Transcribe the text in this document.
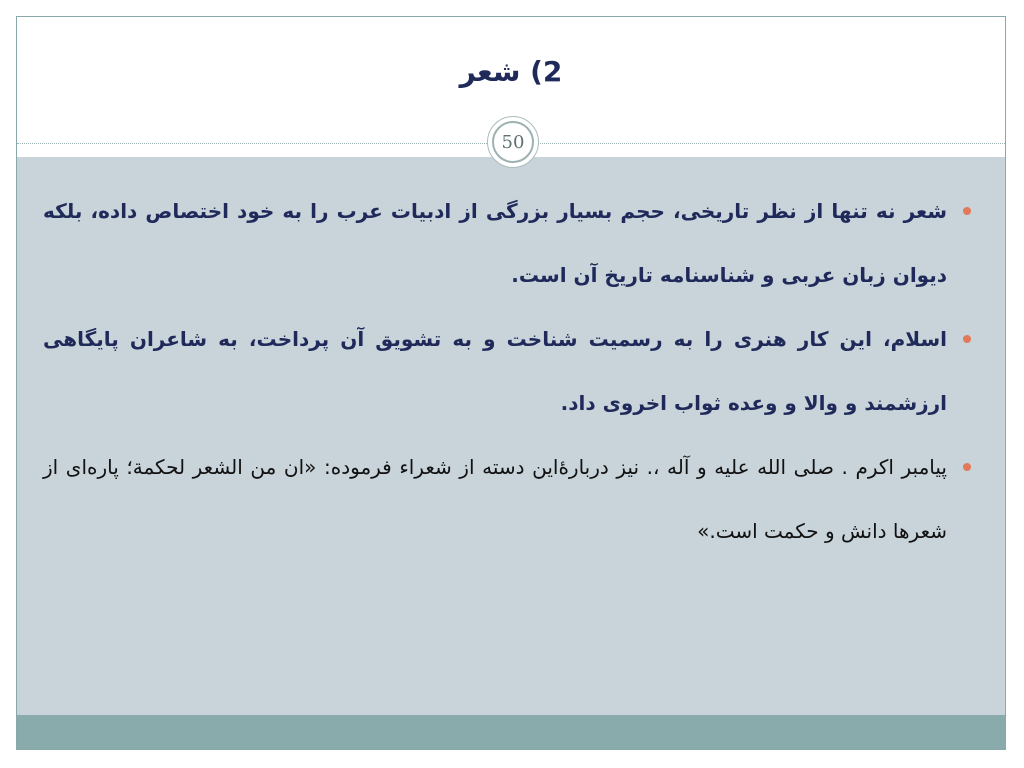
2) شعر
50
شعر نه تنها از نظر تاریخی، حجم بسیار بزرگی از ادبیات عرب را به خود اختصاص داده، بلکه دیوان زبان عربی و شناسنامه تاریخ آن است.
اسلام، این کار هنری را به رسمیت شناخت و به تشویق آن پرداخت، به شاعران پایگاهی ارزشمند و والا و وعده ثواب اخروی داد.
پیامبر اکرم . صلی الله علیه و آله ،. نیز دربارۀاین دسته از شعراء فرموده: «ان من الشعر لحکمة؛ پاره‌ای از شعرها دانش و حکمت است.»
